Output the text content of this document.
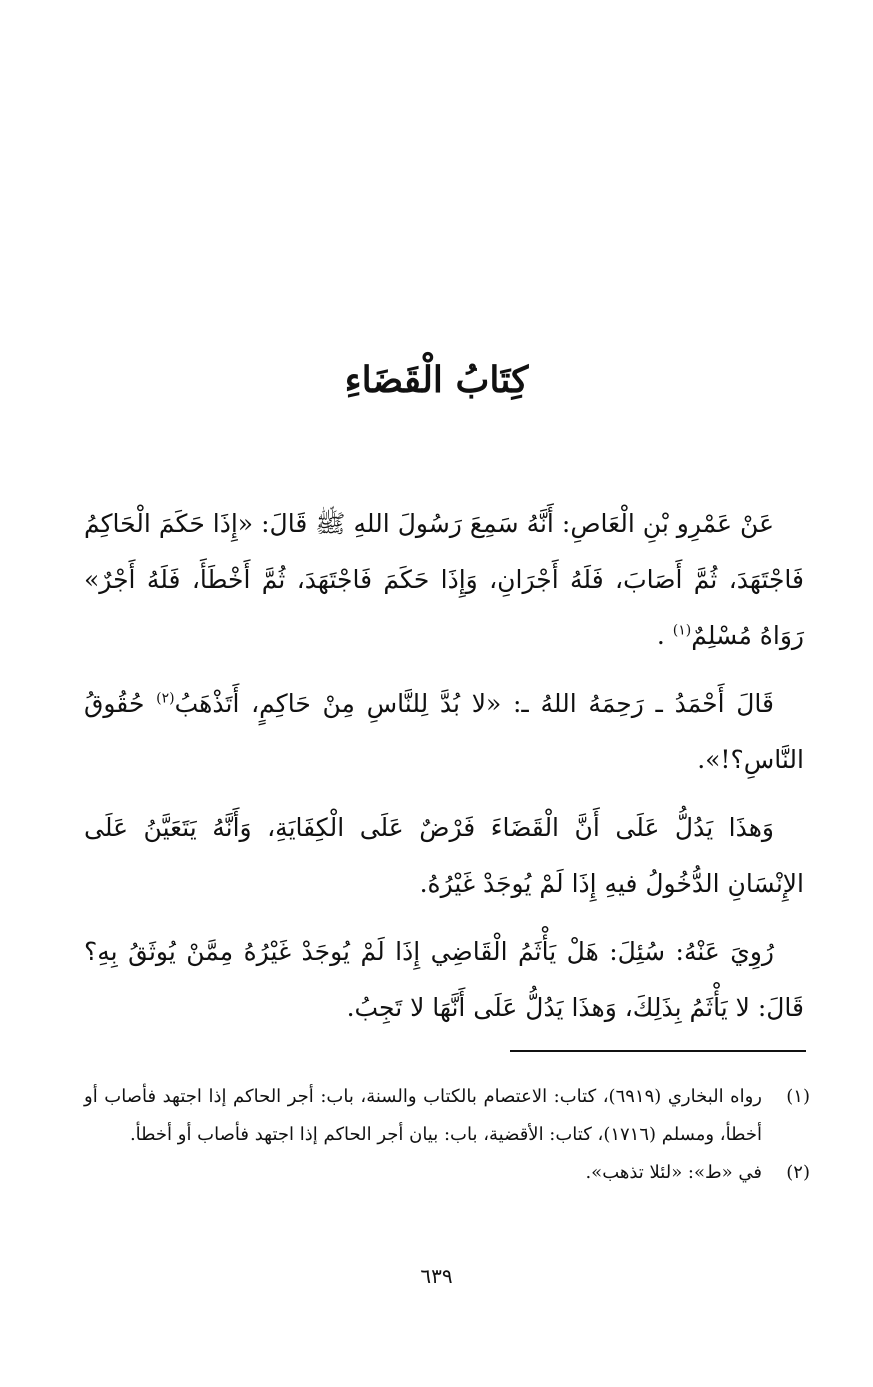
كِتَابُ الْقَضَاءِ

عَنْ عَمْرِو بْنِ الْعَاصِ: أَنَّهُ سَمِعَ رَسُولَ اللهِ ﷺ قَالَ: «إِذَا حَكَمَ الْحَاكِمُ فَاجْتَهَدَ، ثُمَّ أَصَابَ، فَلَهُ أَجْرَانِ، وَإِذَا حَكَمَ فَاجْتَهَدَ، ثُمَّ أَخْطَأَ، فَلَهُ أَجْرٌ» رَوَاهُ مُسْلِمٌ$^{(١)}$ .

قَالَ أَحْمَدُ ـ رَحِمَهُ اللهُ ـ: «لا بُدَّ لِلنَّاسِ مِنْ حَاكِمٍ، أَتَذْهَبُ$^{(٢)}$ حُقُوقُ النَّاسِ؟!».

وَهذَا يَدُلُّ عَلَى أَنَّ الْقَضَاءَ فَرْضٌ عَلَى الْكِفَايَةِ، وَأَنَّهُ يَتَعَيَّنُ عَلَى الإِنْسَانِ الدُّخُولُ فيهِ إِذَا لَمْ يُوجَدْ غَيْرُهُ.

رُوِيَ عَنْهُ: سُئِلَ: هَلْ يَأْثَمُ الْقَاضِي إِذَا لَمْ يُوجَدْ غَيْرُهُ مِمَّنْ يُوثَقُ بِهِ؟ قَالَ: لا يَأْثَمُ بِذَلِكَ، وَهذَا يَدُلُّ عَلَى أَنَّهَا لا تَجِبُ.

(١)
رواه البخاري (٦٩١٩)، كتاب: الاعتصام بالكتاب والسنة، باب: أجر الحاكم إذا اجتهد فأصاب أو أخطأ، ومسلم (١٧١٦)، كتاب: الأقضية، باب: بيان أجر الحاكم إذا اجتهد فأصاب أو أخطأ.
(٢)
في «ط»: «لئلا تذهب».
٦٣٩
